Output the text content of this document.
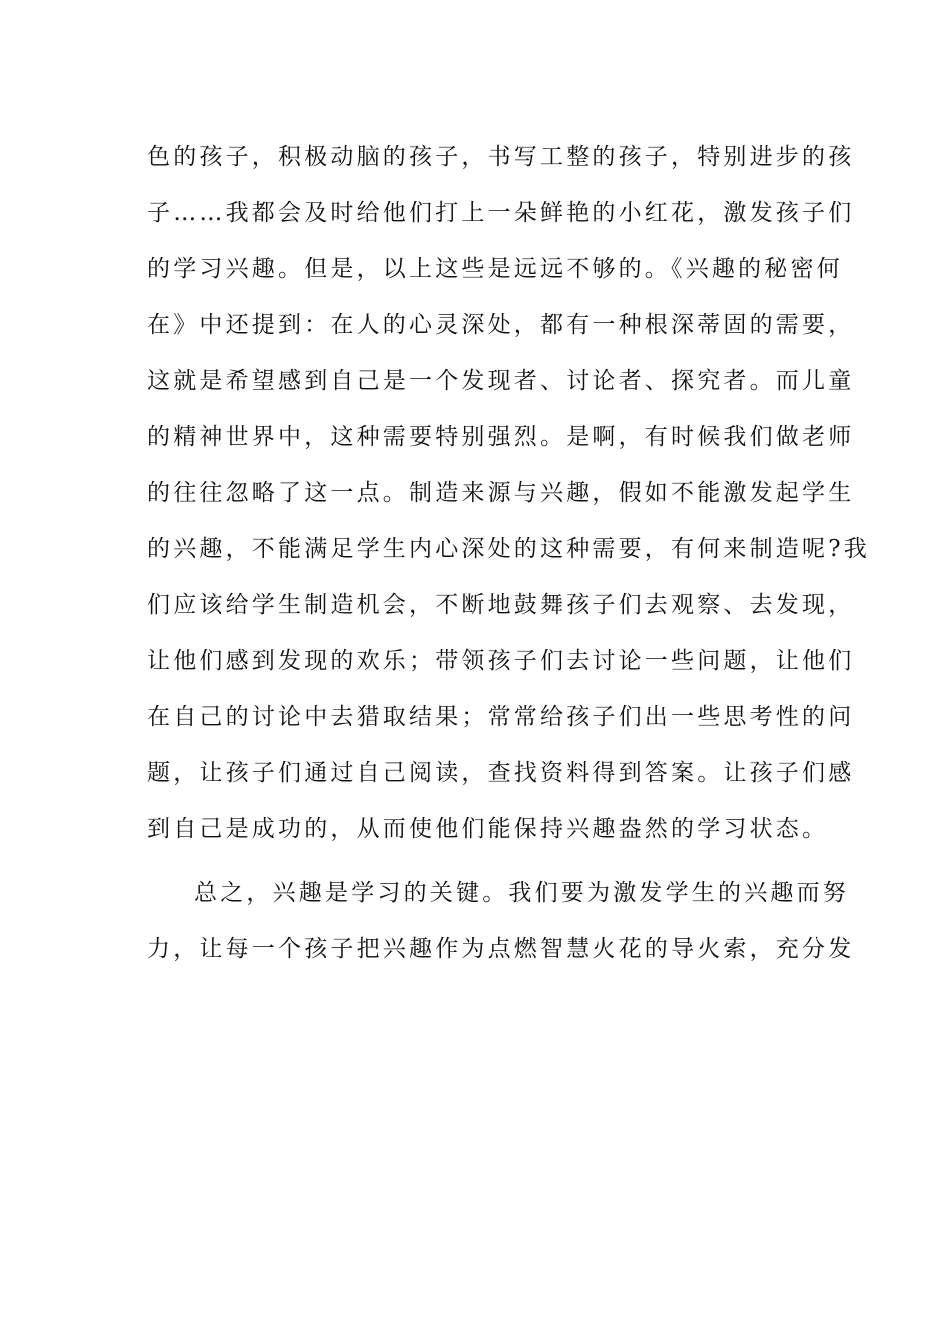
色的孩子，积极动脑的孩子，书写工整的孩子，特别进步的孩
子……我都会及时给他们打上一朵鲜艳的小红花，激发孩子们
的学习兴趣。但是，以上这些是远远不够的。《兴趣的秘密何
在》中还提到：在人的心灵深处，都有一种根深蒂固的需要，
这就是希望感到自己是一个发现者、讨论者、探究者。而儿童
的精神世界中，这种需要特别强烈。是啊，有时候我们做老师
的往往忽略了这一点。制造来源与兴趣，假如不能激发起学生
的兴趣，不能满足学生内心深处的这种需要，有何来制造呢?我
们应该给学生制造机会，不断地鼓舞孩子们去观察、去发现，
让他们感到发现的欢乐；带领孩子们去讨论一些问题，让他们
在自己的讨论中去猎取结果；常常给孩子们出一些思考性的问
题，让孩子们通过自己阅读，查找资料得到答案。让孩子们感
到自己是成功的，从而使他们能保持兴趣盎然的学习状态。
总之，兴趣是学习的关键。我们要为激发学生的兴趣而努
力，让每一个孩子把兴趣作为点燃智慧火花的导火索，充分发
